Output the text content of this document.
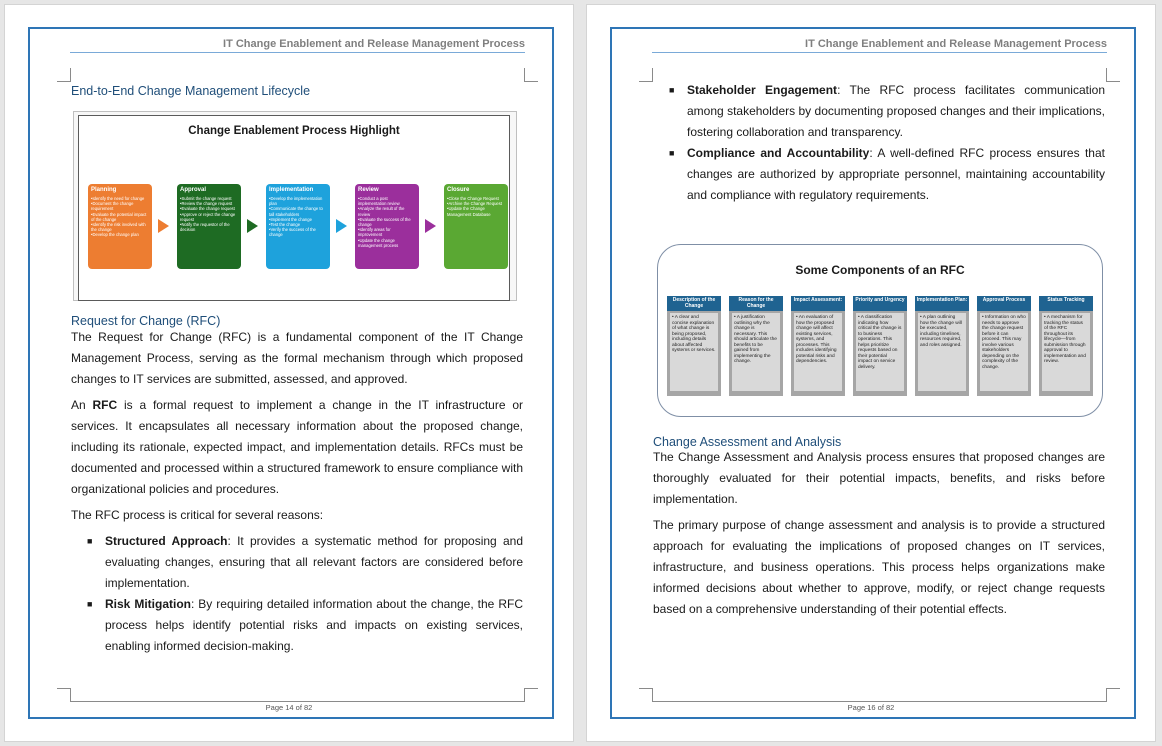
IT Change Enablement and Release Management Process
End-to-End Change Management Lifecycle
Change Enablement Process Highlight
Planning
•Identify the need for change
•Document the change requirement
•Evaluate the potential impact of the change
•Identify the risk involved with the change
•Develop the change plan
Approval
•Submit the change request
•Review the change request
•Evaluate the change request
•Approve or reject the change request
•Notify the requestor of the decision
Implementation
•Develop the implementation plan
•Communicate the change to tall stakeholders
•Implement the change
•Test the change
•Verify the success of the change
Review
•Conduct a post implementation review
•Analyze the result of the review
•Evaluate the success of the change
•Identify areas for improvement
•Update the change management process
Closure
•Close the Change Request
•Archive the Change Request
•Update the Change Management Database
Request for Change (RFC)

The Request for Change (RFC) is a fundamental component of the IT Change Management Process, serving as the formal mechanism through which proposed changes to IT services are submitted, assessed, and approved.

An RFC is a formal request to implement a change in the IT infrastructure or services. It encapsulates all necessary information about the proposed change, including its rationale, expected impact, and implementation details. RFCs must be documented and processed within a structured framework to ensure compliance with organizational policies and procedures.

The RFC process is critical for several reasons:

■ Structured Approach: It provides a systematic method for proposing and evaluating changes, ensuring that all relevant factors are considered before implementation.
■ Risk Mitigation: By requiring detailed information about the change, the RFC process helps identify potential risks and impacts on existing services, enabling informed decision-making.
Page 14 of 82
IT Change Enablement and Release Management Process
■ Stakeholder Engagement: The RFC process facilitates communication among stakeholders by documenting proposed changes and their implications, fostering collaboration and transparency.
■ Compliance and Accountability: A well-defined RFC process ensures that changes are authorized by appropriate personnel, maintaining accountability and compliance with regulatory requirements.
Some Components of an RFC
Description of the Change
• A clear and concise explanation of what change is being proposed, including details about affected systems or services.
Reason for the Change
• A justification outlining why the change is necessary. This should articulate the benefits to be gained from implementing the change.
Impact Assessment:
• An evaluation of how the proposed change will affect existing services, systems, and processes. This includes identifying potential risks and dependencies.
Priority and Urgency
• A classification indicating how critical the change is to business operations. This helps prioritize requests based on their potential impact on service delivery.
Implementation Plan:
• A plan outlining how the change will be executed, including timelines, resources required, and roles assigned.
Approval Process
• Information on who needs to approve the change request before it can proceed. This may involve various stakeholders depending on the complexity of the change.
Status Tracking
• A mechanism for tracking the status of the RFC throughout its lifecycle—from submission through approval to implementation and review.
Change Assessment and Analysis

The Change Assessment and Analysis process ensures that proposed changes are thoroughly evaluated for their potential impacts, benefits, and risks before implementation.

The primary purpose of change assessment and analysis is to provide a structured approach for evaluating the implications of proposed changes on IT services, infrastructure, and business operations. This process helps organizations make informed decisions about whether to approve, modify, or reject change requests based on a comprehensive understanding of their potential effects.

Page 16 of 82
